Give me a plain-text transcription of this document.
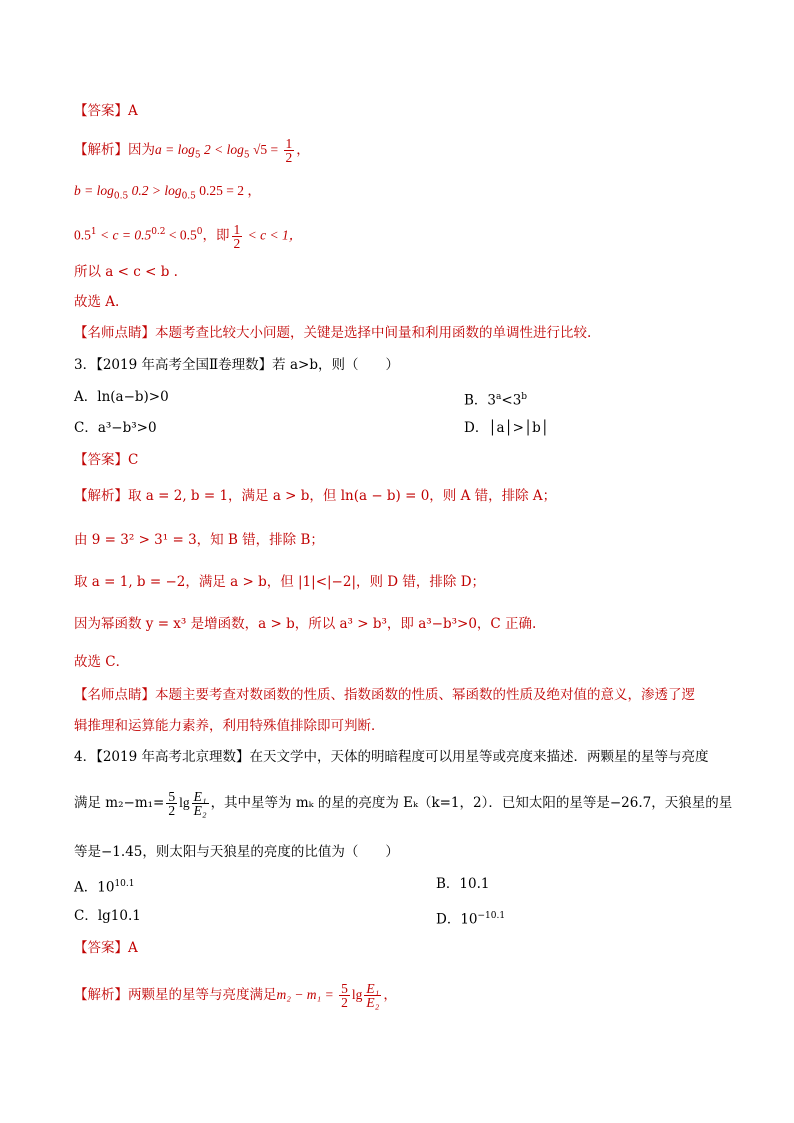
【答案】A
【解析】因为$a = \log_5 2 < \log_5 √5 = \frac{1}{2}$ ，
$b = \log_{0.5} 0.2 > \log_{0.5} 0.25 = 2$ ，
$0.5^1 < c = 0.5^{0.2} < 0.5^0$，即 $\frac{1}{2} < c < 1$，
所以 a < c < b .
故选 A.
【名师点睛】本题考查比较大小问题，关键是选择中间量和利用函数的单调性进行比较.
3．【2019 年高考全国Ⅱ卷理数】若 a>b，则（　　）
A．ln(a−b)>0	B．$3^a<3^b$
C．a³−b³>0	D．│a│>│b│
【答案】C
【解析】取 a = 2, b = 1，满足 a > b，但 ln(a − b) = 0，则 A 错，排除 A；
由 9 = 3² > 3¹ = 3，知 B 错，排除 B；
取 a = 1, b = −2，满足 a > b，但 |1|<|−2|，则 D 错，排除 D；
因为幂函数 y = x³ 是增函数，a > b，所以 a³ > b³，即 a³−b³>0，C 正确.
故选 C．
【名师点睛】本题主要考查对数函数的性质、指数函数的性质、幂函数的性质及绝对值的意义，渗透了逻
辑推理和运算能力素养，利用特殊值排除即可判断．
4．【2019 年高考北京理数】在天文学中，天体的明暗程度可以用星等或亮度来描述．两颗星的星等与亮度
满足 $m_2-m_1= \frac{5}{2}$ $\lg \frac{\text{E₁}}{\text{E₂}}$ ，其中星等为 mₖ 的星的亮度为 Eₖ（k=1，2）．已知太阳的星等是−26.7，天狼星的星
等是−1.45，则太阳与天狼星的亮度的比值为（　　）
A．$10^{10.1}$	B．10.1
C．lg10.1	D．$10^{-10.1}$
【答案】A
【解析】两颗星的星等与亮度满足$m_2 - m_1 = \frac{5}{2}$ $\lg \frac{\text{E₁}}{\text{E₂}}$ ，
